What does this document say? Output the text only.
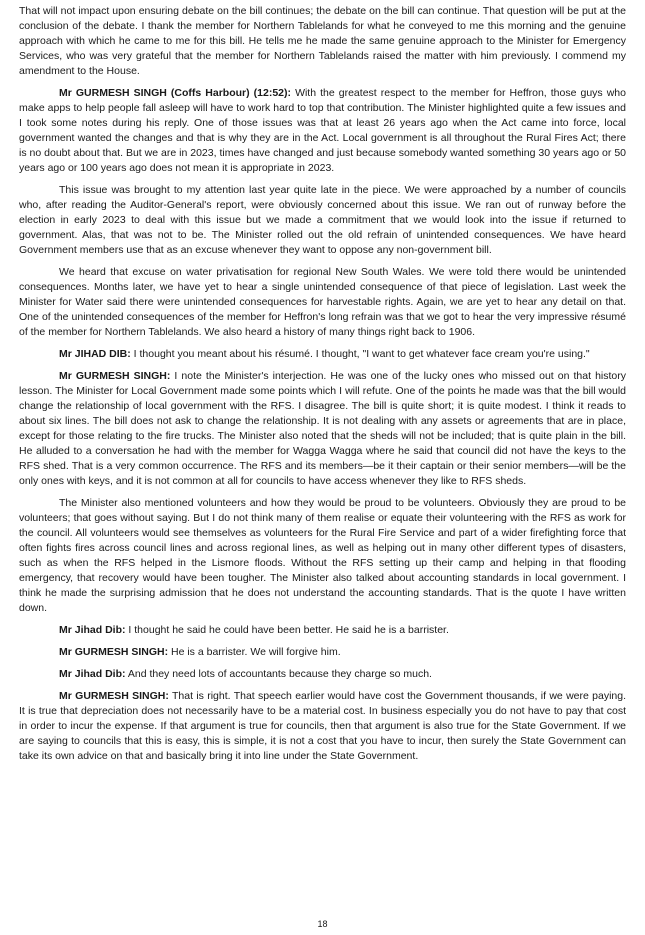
That will not impact upon ensuring debate on the bill continues; the debate on the bill can continue. That question will be put at the conclusion of the debate. I thank the member for Northern Tablelands for what he conveyed to me this morning and the genuine approach with which he came to me for this bill. He tells me he made the same genuine approach to the Minister for Emergency Services, who was very grateful that the member for Northern Tablelands raised the matter with him previously. I commend my amendment to the House.

Mr GURMESH SINGH (Coffs Harbour) (12:52): With the greatest respect to the member for Heffron, those guys who make apps to help people fall asleep will have to work hard to top that contribution. The Minister highlighted quite a few issues and I took some notes during his reply. One of those issues was that at least 26 years ago when the Act came into force, local government wanted the changes and that is why they are in the Act. Local government is all throughout the Rural Fires Act; there is no doubt about that. But we are in 2023, times have changed and just because somebody wanted something 30 years ago or 50 years ago or 100 years ago does not mean it is appropriate in 2023.

This issue was brought to my attention last year quite late in the piece. We were approached by a number of councils who, after reading the Auditor-General's report, were obviously concerned about this issue. We ran out of runway before the election in early 2023 to deal with this issue but we made a commitment that we would look into the issue if returned to government. Alas, that was not to be. The Minister rolled out the old refrain of unintended consequences. We have heard Government members use that as an excuse whenever they want to oppose any non-government bill.

We heard that excuse on water privatisation for regional New South Wales. We were told there would be unintended consequences. Months later, we have yet to hear a single unintended consequence of that piece of legislation. Last week the Minister for Water said there were unintended consequences for harvestable rights. Again, we are yet to hear any detail on that. One of the unintended consequences of the member for Heffron's long refrain was that we got to hear the very impressive résumé of the member for Northern Tablelands. We also heard a history of many things right back to 1906.

Mr JIHAD DIB: I thought you meant about his résumé. I thought, "I want to get whatever face cream you're using."

Mr GURMESH SINGH: I note the Minister's interjection. He was one of the lucky ones who missed out on that history lesson. The Minister for Local Government made some points which I will refute. One of the points he made was that the bill would change the relationship of local government with the RFS. I disagree. The bill is quite short; it is quite modest. I think it reads to about six lines. The bill does not ask to change the relationship. It is not dealing with any assets or agreements that are in place, except for those relating to the fire trucks. The Minister also noted that the sheds will not be included; that is quite plain in the bill. He alluded to a conversation he had with the member for Wagga Wagga where he said that council did not have the keys to the RFS shed. That is a very common occurrence. The RFS and its members—be it their captain or their senior members—will be the only ones with keys, and it is not common at all for councils to have access whenever they like to RFS sheds.

The Minister also mentioned volunteers and how they would be proud to be volunteers. Obviously they are proud to be volunteers; that goes without saying. But I do not think many of them realise or equate their volunteering with the RFS as work for the council. All volunteers would see themselves as volunteers for the Rural Fire Service and part of a wider firefighting force that often fights fires across council lines and across regional lines, as well as helping out in many other different types of disasters, such as when the RFS helped in the Lismore floods. Without the RFS setting up their camp and helping in that flooding emergency, that recovery would have been tougher. The Minister also talked about accounting standards in local government. I think he made the surprising admission that he does not understand the accounting standards. That is the quote I have written down.

Mr Jihad Dib: I thought he said he could have been better. He said he is a barrister.

Mr GURMESH SINGH: He is a barrister. We will forgive him.

Mr Jihad Dib: And they need lots of accountants because they charge so much.

Mr GURMESH SINGH: That is right. That speech earlier would have cost the Government thousands, if we were paying. It is true that depreciation does not necessarily have to be a material cost. In business especially you do not have to pay that cost in order to incur the expense. If that argument is true for councils, then that argument is also true for the State Government. If we are saying to councils that this is easy, this is simple, it is not a cost that you have to incur, then surely the State Government can take its own advice on that and basically bring it into line under the State Government.

18
